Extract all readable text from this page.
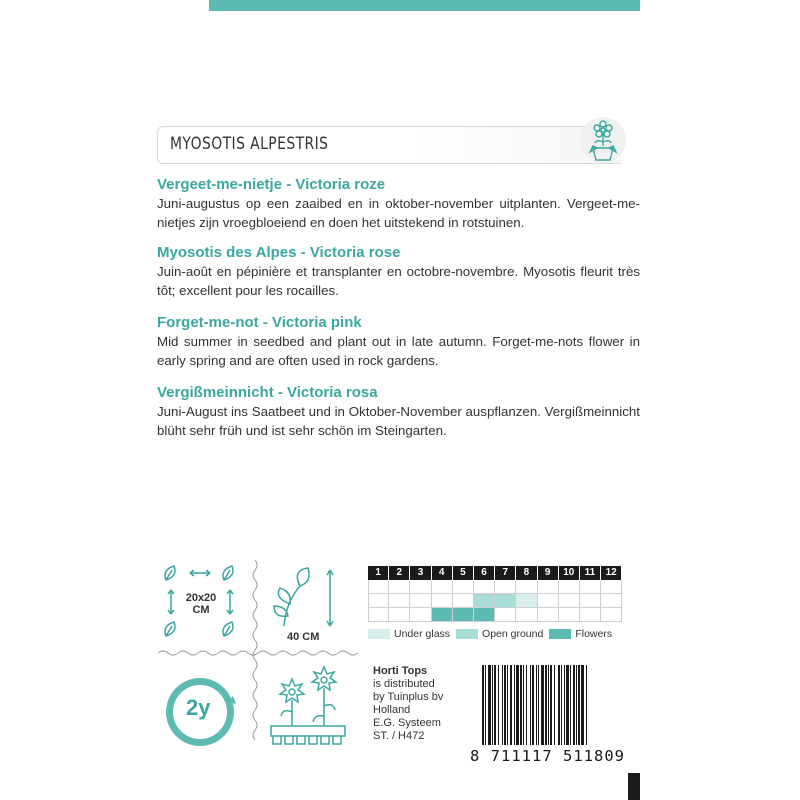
MYOSOTIS ALPESTRIS
Vergeet-me-nietje - Victoria roze
Juni-augustus op een zaaibed en in oktober-november uitplanten. Vergeet-me-nietjes zijn vroegbloeiend en doen het uitstekend in rotstuinen.
Myosotis des Alpes - Victoria rose
Juin-août en pépinière et transplanter en octobre-novembre. Myosotis fleurit très tôt; excellent pour les rocailles.
Forget-me-not - Victoria pink
Mid summer in seedbed and plant out in late autumn. Forget-me-nots flower in early spring and are often used in rock gardens.
Vergißmeinnicht - Victoria rosa
Juni-August ins Saatbeet und in Oktober-November auspflanzen. Vergißmeinnicht blüht sehr früh und ist sehr schön im Steingarten.
20x20
CM
40 CM
2y
1	2	3	4	5	6	7	8	9	10	11	12
Under glass	Open ground	Flowers
Horti Tops
is distributed
by Tuinplus bv
Holland
E.G. Systeem
ST. / H472
8 711117 511809
